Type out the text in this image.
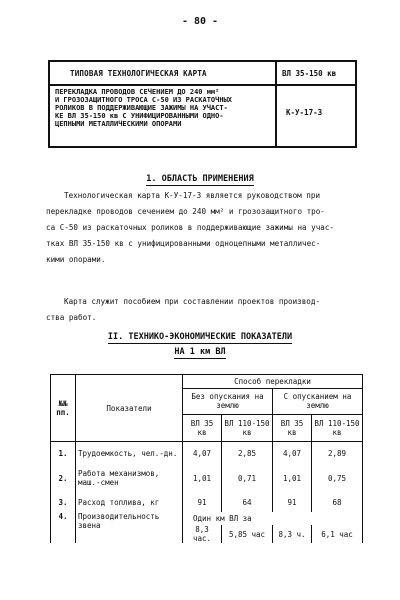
- 80 -
ТИПОВАЯ ТЕХНОЛОГИЧЕСКАЯ КАРТА	ВЛ 35-150 кв
ПЕРЕКЛАДКА ПРОВОДОВ СЕЧЕНИЕМ ДО 240 мм²
И ГРОЗОЗАЩИТНОГО ТРОСА С-50 ИЗ РАСКАТОЧНЫХ
РОЛИКОВ В ПОДДЕРЖИВАЮЩИЕ ЗАЖИМЫ НА УЧАСТ-
КЕ ВЛ 35-150 кв С УНИФИЦИРОВАННЫМИ ОДНО-
ЦЕПНЫМИ МЕТАЛЛИЧЕСКИМИ ОПОРАМИ
К-У-17-3
1. ОБЛАСТЬ ПРИМЕНЕНИЯ
Технологическая карта К-У-17-3 является руководством при
перекладке проводов сечением до 240 мм² и грозозащитного тро-
са С-50 из раскаточных роликов в поддерживающие зажимы на учас-
тках ВЛ 35-150 кв с унифицированными одноцепными металличес-
кими опорами.
Карта служит пособием при составлении проектов производ-
ства работ.
II. ТЕХНИКО-ЭКОНОМИЧЕСКИЕ ПОКАЗАТЕЛИ
НА 1 км ВЛ
№№ пп.	Показатели	Способ перекладки			
		Без опускания на землю		С опусканием на землю	
		ВЛ 35 кв	ВЛ 110-150 кв	ВЛ 35 кв	ВЛ 110-150 кв
1.	Трудоемкость, чел.-дн.	4,07	2,85	4,07	2,89
2.	Работа механизмов, маш.-смен	1,01	0,71	1,01	0,75
3.	Расход топлива, кг	91	64	91	68
4.	Производительность звена	Один км ВЛ за			
		8,3 час.	5,85 час	8,3 ч.	6,1 час
